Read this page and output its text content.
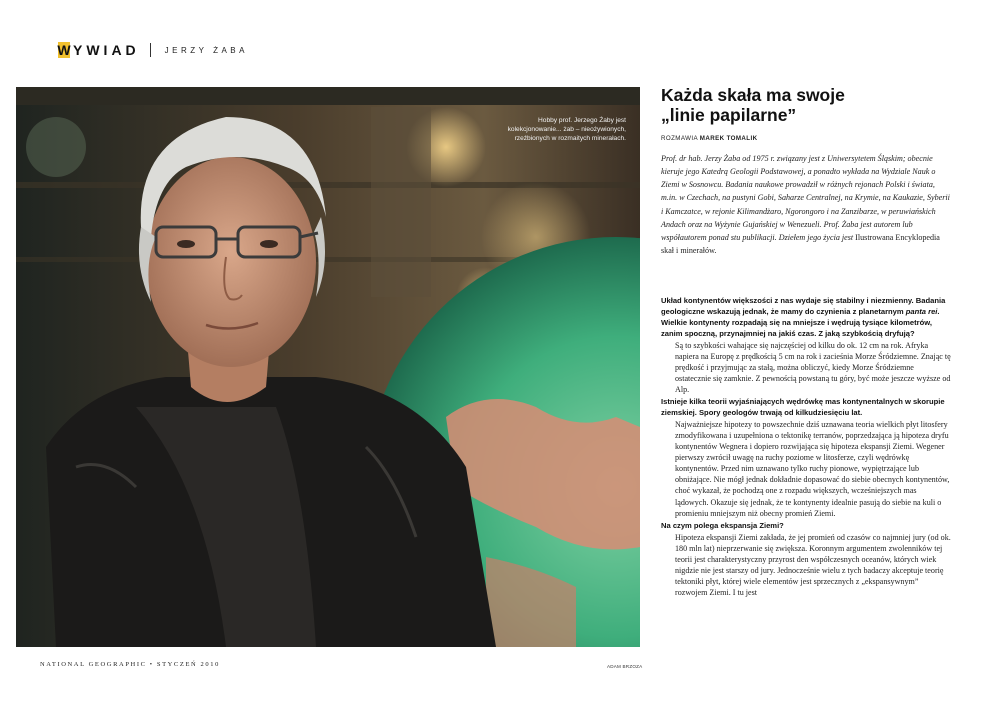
W YWIAD	JERZY ŻABA
Hobby prof. Jerzego Żaby jest kolekcjonowanie... żab – nieożywionych, rzeźbionych w rozmaitych minerałach.
NATIONAL GEOGRAPHIC • STYCZEŃ 2010	ADAM BRZOZA
Każda skała ma swoje
„linie papilarne”
ROZMAWIA MAREK TOMALIK

Prof. dr hab. Jerzy Żaba od 1975 r. związany jest z Uniwersytetem Śląskim; obecnie kieruje jego Katedrą Geologii Podstawowej, a ponadto wykłada na Wydziale Nauk o Ziemi w Sosnowcu. Badania naukowe prowadził w różnych rejonach Polski i świata, m.in. w Czechach, na pustyni Gobi, Saharze Centralnej, na Krymie, na Kaukazie, Syberii i Kamczatce, w rejonie Kilimandżaro, Ngorongoro i na Zanzibarze, w peruwiańskich Andach oraz na Wyżynie Gujańskiej w Wenezueli. Prof. Żaba jest autorem lub współautorem ponad stu publikacji. Dziełem jego życia jest Ilustrowana Encyklopedia skał i minerałów.

Układ kontynentów większości z nas wydaje się stabilny i niezmienny. Badania geologiczne wskazują jednak, że mamy do czynienia z planetarnym panta rei. Wielkie kontynenty rozpadają się na mniejsze i wędrują tysiące kilometrów, zanim spoczną, przynajmniej na jakiś czas. Z jaką szybkością dryfują?

Są to szybkości wahające się najczęściej od kilku do ok. 12 cm na rok. Afryka napiera na Europę z prędkością 5 cm na rok i zacieśnia Morze Śródziemne. Znając tę prędkość i przyjmując za stałą, można obliczyć, kiedy Morze Śródziemne ostatecznie się zamknie. Z pewnością powstaną tu góry, być może jeszcze wyższe od Alp.

Istnieje kilka teorii wyjaśniających wędrówkę mas kontynentalnych w skorupie ziemskiej. Spory geologów trwają od kilkudziesięciu lat.

Najważniejsze hipotezy to powszechnie dziś uznawana teoria wielkich płyt litosfery zmodyfikowana i uzupełniona o tektonikę terranów, poprzedzająca ją hipoteza dryfu kontynentów Wegnera i dopiero rozwijająca się hipoteza ekspansji Ziemi. Wegener pierwszy zwrócił uwagę na ruchy poziome w litosferze, czyli wędrówkę kontynentów. Przed nim uznawano tylko ruchy pionowe, wypiętrzające lub obniżające. Nie mógł jednak dokładnie dopasować do siebie obecnych kontynentów, choć wykazał, że pochodzą one z rozpadu większych, wcześniejszych mas lądowych. Okazuje się jednak, że te kontynenty idealnie pasują do siebie na kuli o promieniu mniejszym niż obecny promień Ziemi.

Na czym polega ekspansja Ziemi?

Hipoteza ekspansji Ziemi zakłada, że jej promień od czasów co najmniej jury (od ok. 180 mln lat) nieprzerwanie się zwiększa. Koronnym argumentem zwolenników tej teorii jest charakterystyczny przyrost den współczesnych oceanów, których wiek nigdzie nie jest starszy od jury. Jednocześnie wielu z tych badaczy akceptuje teorię tektoniki płyt, której wiele elementów jest sprzecznych z „ekspansywnym” rozwojem Ziemi. I tu jest
